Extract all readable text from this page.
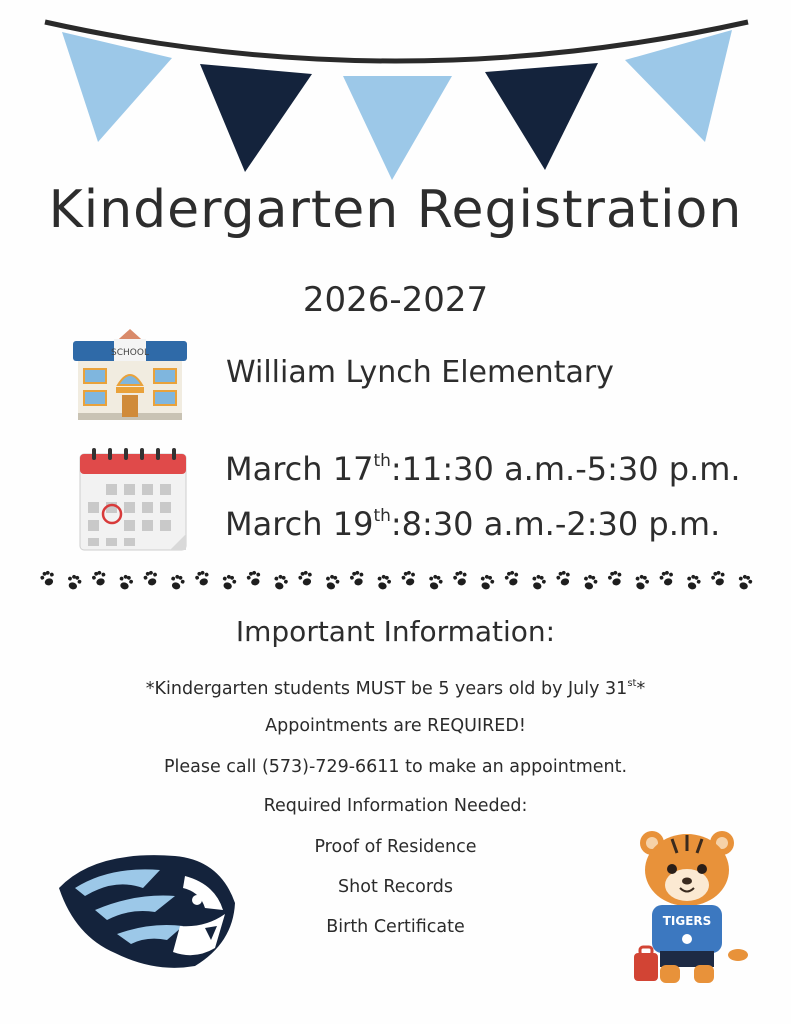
Kindergarten Registration
2026-2027
SCHOOL
William Lynch Elementary
March 17th:11:30 a.m.-5:30 p.m.
March 19th:8:30 a.m.-2:30 p.m.
Important Information:
*Kindergarten students MUST be 5 years old by July 31st*
Appointments are REQUIRED!
Please call (573)-729-6611 to make an appointment.
Required Information Needed:
Proof of Residence
Shot Records
Birth Certificate	TIGERS
